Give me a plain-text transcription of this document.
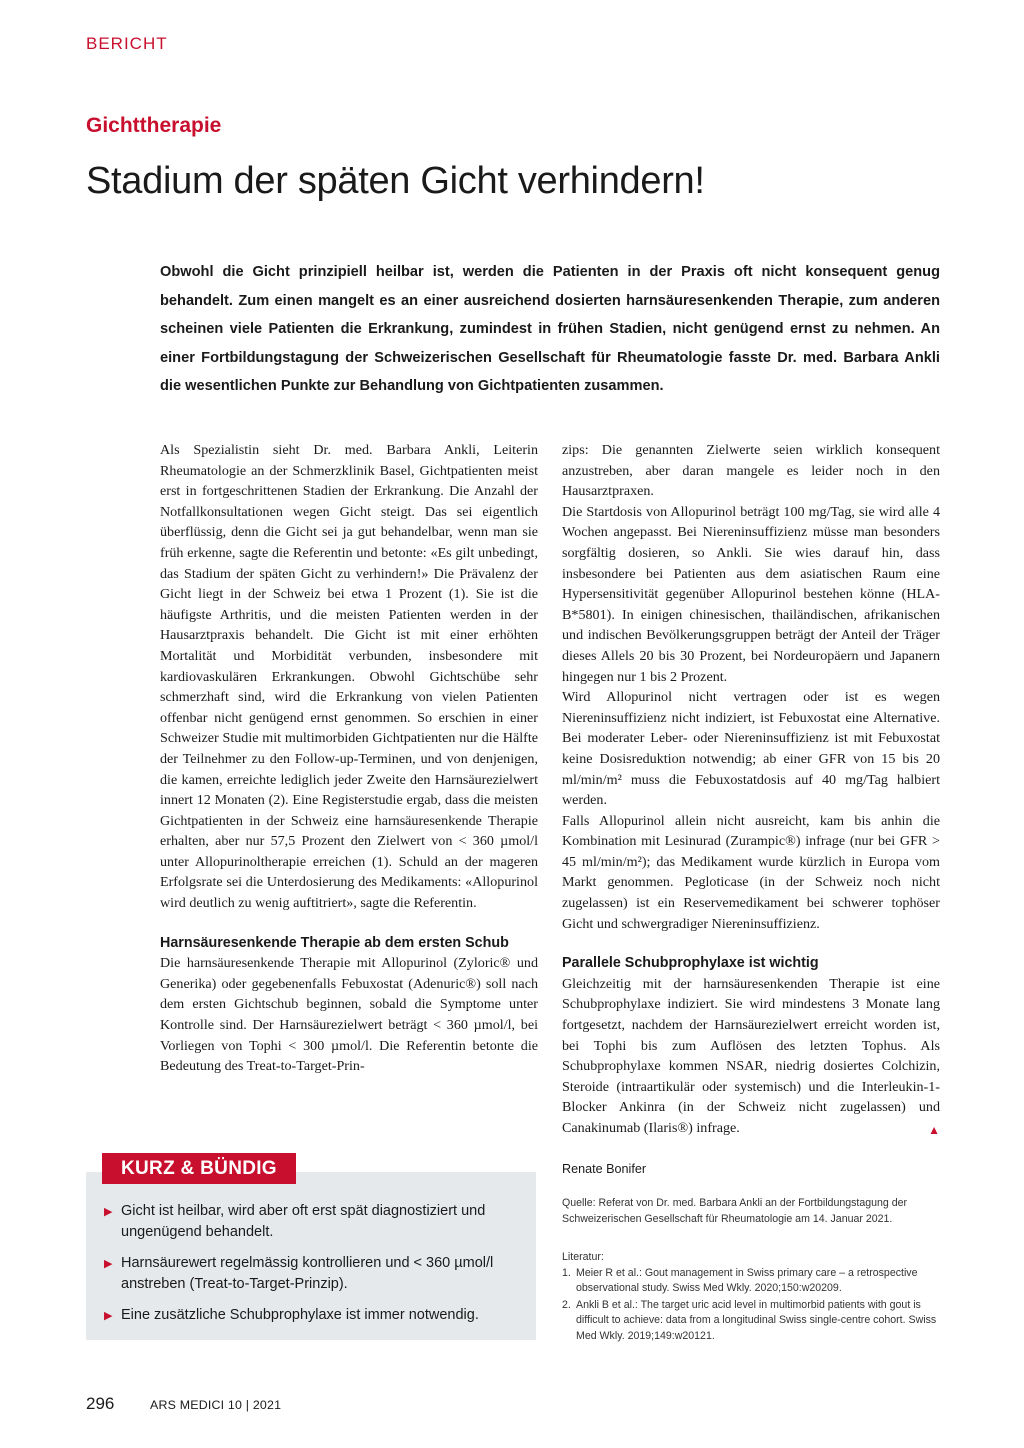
BERICHT
Gichttherapie
Stadium der späten Gicht verhindern!

Obwohl die Gicht prinzipiell heilbar ist, werden die Patienten in der Praxis oft nicht konsequent genug behandelt. Zum einen mangelt es an einer ausreichend dosierten harnsäuresenkenden Therapie, zum anderen scheinen viele Patienten die Erkrankung, zumindest in frühen Stadien, nicht genügend ernst zu nehmen. An einer Fortbildungstagung der Schweizerischen Gesellschaft für Rheumatologie fasste Dr. med. Barbara Ankli die wesentlichen Punkte zur Behandlung von Gichtpatienten zusammen.

Als Spezialistin sieht Dr. med. Barbara Ankli, Leiterin Rheumatologie an der Schmerzklinik Basel, Gichtpatienten meist erst in fortgeschrittenen Stadien der Erkrankung. Die Anzahl der Notfallkonsultationen wegen Gicht steigt. Das sei eigentlich überflüssig, denn die Gicht sei ja gut behandelbar, wenn man sie früh erkenne, sagte die Referentin und betonte: «Es gilt unbedingt, das Stadium der späten Gicht zu verhindern!» Die Prävalenz der Gicht liegt in der Schweiz bei etwa 1 Prozent (1). Sie ist die häufigste Arthritis, und die meisten Patienten werden in der Hausarztpraxis behandelt. Die Gicht ist mit einer erhöhten Mortalität und Morbidität verbunden, insbesondere mit kardiovaskulären Erkrankungen. Obwohl Gichtschübe sehr schmerzhaft sind, wird die Erkrankung von vielen Patienten offenbar nicht genügend ernst genommen. So erschien in einer Schweizer Studie mit multimorbiden Gichtpatienten nur die Hälfte der Teilnehmer zu den Follow-up-Terminen, und von denjenigen, die kamen, erreichte lediglich jeder Zweite den Harnsäurezielwert innert 12 Monaten (2). Eine Registerstudie ergab, dass die meisten Gichtpatienten in der Schweiz eine harnsäuresenkende Therapie erhalten, aber nur 57,5 Prozent den Zielwert von < 360 µmol/l unter Allopurinoltherapie erreichen (1). Schuld an der mageren Erfolgsrate sei die Unterdosierung des Medikaments: «Allopurinol wird deutlich zu wenig auftitriert», sagte die Referentin.

Harnsäuresenkende Therapie ab dem ersten Schub

Die harnsäuresenkende Therapie mit Allopurinol (Zyloric® und Generika) oder gegebenenfalls Febuxostat (Adenuric®) soll nach dem ersten Gichtschub beginnen, sobald die Symptome unter Kontrolle sind. Der Harnsäurezielwert beträgt < 360 µmol/l, bei Vorliegen von Tophi < 300 µmol/l. Die Referentin betonte die Bedeutung des Treat-to-Target-Prin-

zips: Die genannten Zielwerte seien wirklich konsequent anzustreben, aber daran mangele es leider noch in den Hausarztpraxen.

Die Startdosis von Allopurinol beträgt 100 mg/Tag, sie wird alle 4 Wochen angepasst. Bei Niereninsuffizienz müsse man besonders sorgfältig dosieren, so Ankli. Sie wies darauf hin, dass insbesondere bei Patienten aus dem asiatischen Raum eine Hypersensitivität gegenüber Allopurinol bestehen könne (HLA-B*5801). In einigen chinesischen, thailändischen, afrikanischen und indischen Bevölkerungsgruppen beträgt der Anteil der Träger dieses Allels 20 bis 30 Prozent, bei Nordeuropäern und Japanern hingegen nur 1 bis 2 Prozent.

Wird Allopurinol nicht vertragen oder ist es wegen Niereninsuffizienz nicht indiziert, ist Febuxostat eine Alternative. Bei moderater Leber- oder Niereninsuffizienz ist mit Febuxostat keine Dosisreduktion notwendig; ab einer GFR von 15 bis 20 ml/min/m² muss die Febuxostatdosis auf 40 mg/Tag halbiert werden.

Falls Allopurinol allein nicht ausreicht, kam bis anhin die Kombination mit Lesinurad (Zurampic®) infrage (nur bei GFR > 45 ml/min/m²); das Medikament wurde kürzlich in Europa vom Markt genommen. Pegloticase (in der Schweiz noch nicht zugelassen) ist ein Reservemedikament bei schwerer tophöser Gicht und schwergradiger Niereninsuffizienz.

Parallele Schubprophylaxe ist wichtig

Gleichzeitig mit der harnsäuresenkenden Therapie ist eine Schubprophylaxe indiziert. Sie wird mindestens 3 Monate lang fortgesetzt, nachdem der Harnsäurezielwert erreicht worden ist, bei Tophi bis zum Auflösen des letzten Tophus. Als Schubprophylaxe kommen NSAR, niedrig dosiertes Colchizin, Steroide (intraartikulär oder systemisch) und die Interleukin-1-Blocker Ankinra (in der Schweiz nicht zugelassen) und Canakinumab (Ilaris®) infrage.	▲

KURZ & BÜNDIG
▶ Gicht ist heilbar, wird aber oft erst spät diagnostiziert und ungenügend behandelt.
▶ Harnsäurewert regelmässig kontrollieren und < 360 µmol/l anstreben (Treat-to-Target-Prinzip).
▶ Eine zusätzliche Schubprophylaxe ist immer notwendig.
Renate Bonifer
Quelle: Referat von Dr. med. Barbara Ankli an der Fortbildungstagung der Schweizerischen Gesellschaft für Rheumatologie am 14. Januar 2021.
Literatur:
1. Meier R et al.: Gout management in Swiss primary care – a retrospective observational study. Swiss Med Wkly. 2020;150:w20209.
2. Ankli B et al.: The target uric acid level in multimorbid patients with gout is difficult to achieve: data from a longitudinal Swiss single-centre cohort. Swiss Med Wkly. 2019;149:w20121.
296	ARS MEDICI 10 | 2021
